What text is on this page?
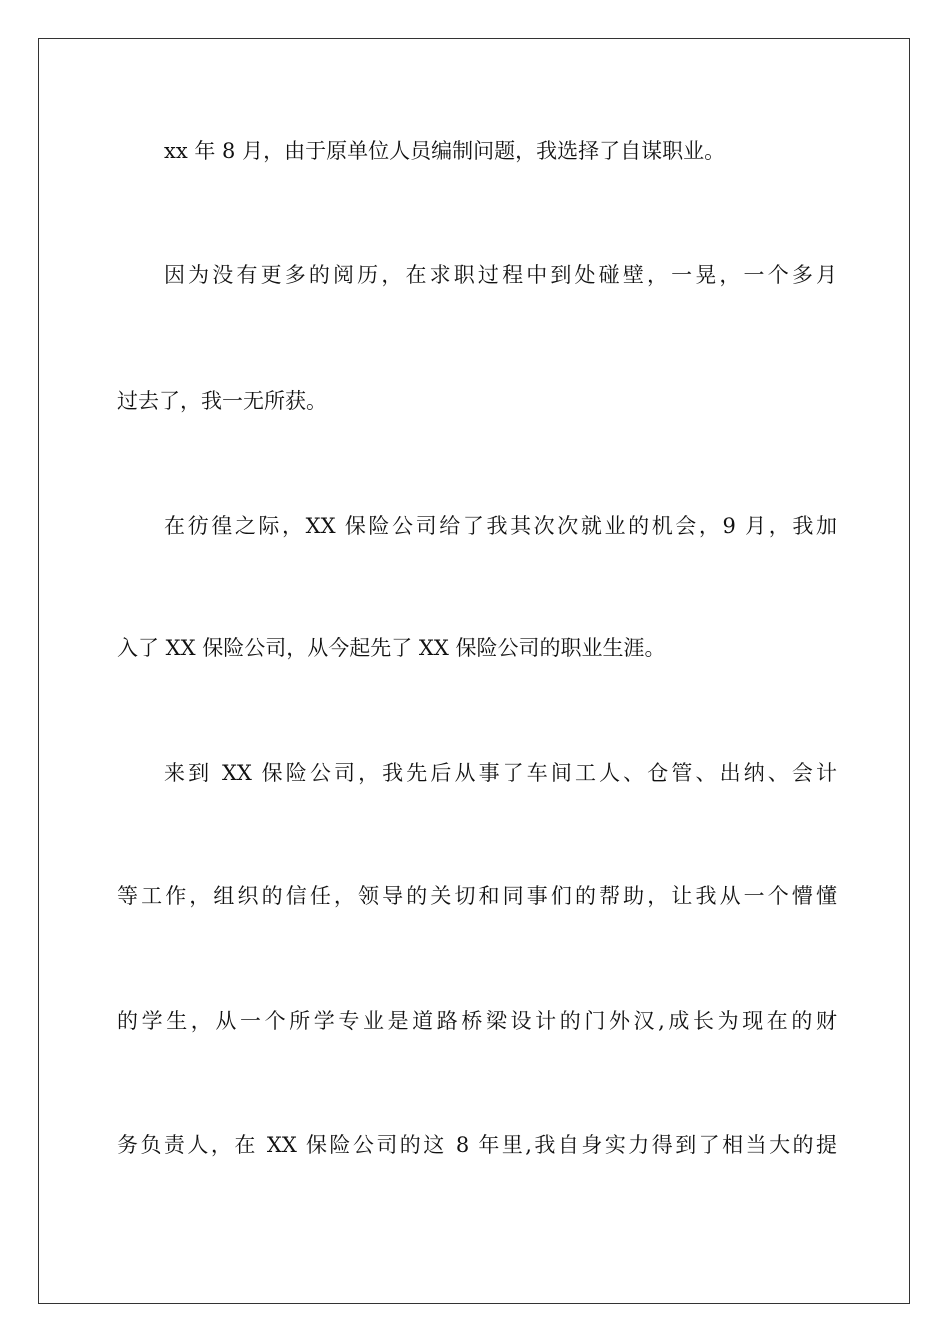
xx 年 8 月，由于原单位人员编制问题，我选择了自谋职业。
因为没有更多的阅历，在求职过程中到处碰壁，一晃，一个多月
过去了，我一无所获。
在彷徨之际，XX 保险公司给了我其次次就业的机会，9 月，我加
入了 XX 保险公司，从今起先了 XX 保险公司的职业生涯。
来到 XX 保险公司，我先后从事了车间工人、仓管、出纳、会计
等工作，组织的信任，领导的关切和同事们的帮助，让我从一个懵懂
的学生，从一个所学专业是道路桥梁设计的门外汉,成长为现在的财
务负责人，在 XX 保险公司的这 8 年里,我自身实力得到了相当大的提
